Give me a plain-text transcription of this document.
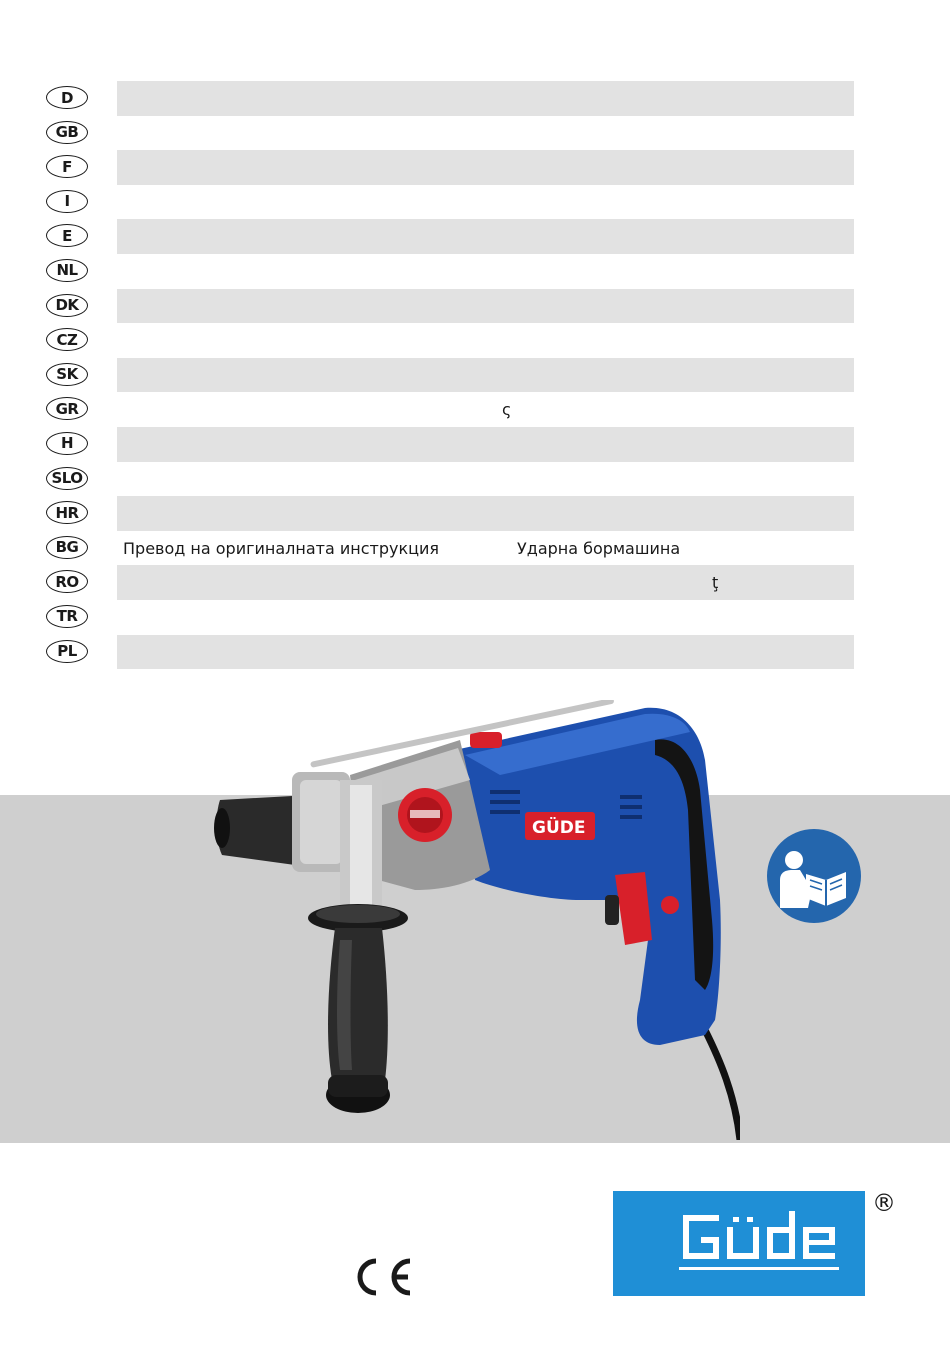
D
GB
F
I
E
NL
DK
CZ
SK
GR	ς
H
SLO
HR
BG	Превод на оригиналната инструкция	Ударна бормашина
RO	ţ
TR
PL
GÜDE
®
